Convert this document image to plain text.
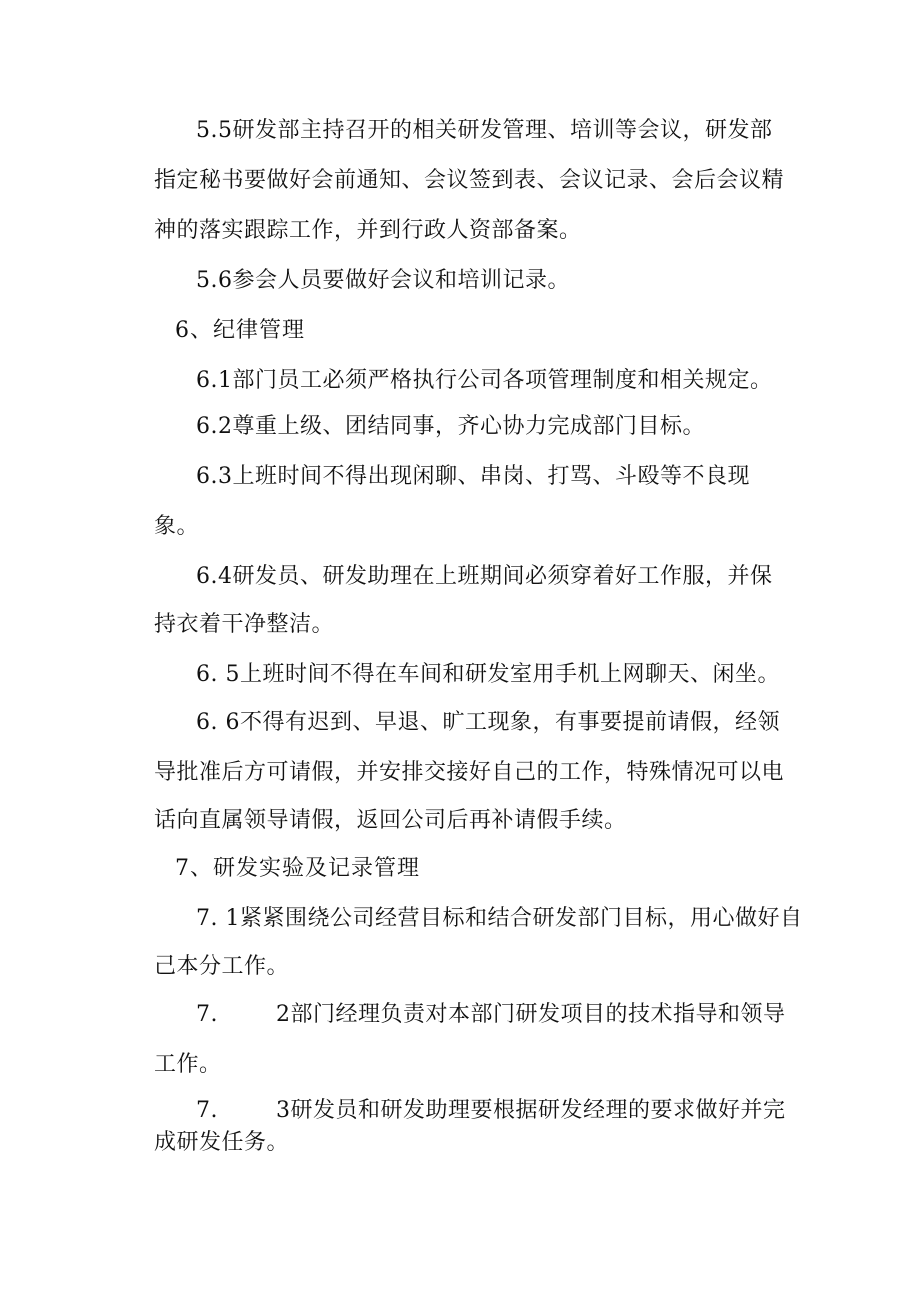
5.5研发部主持召开的相关研发管理、培训等会议，研发部
指定秘书要做好会前通知、会议签到表、会议记录、会后会议精
神的落实跟踪工作，并到行政人资部备案。
5.6参会人员要做好会议和培训记录。
6、纪律管理
6.1部门员工必须严格执行公司各项管理制度和相关规定。
6.2尊重上级、团结同事，齐心协力完成部门目标。
6.3上班时间不得出现闲聊、串岗、打骂、斗殴等不良现
象。
6.4研发员、研发助理在上班期间必须穿着好工作服，并保
持衣着干净整洁。
6. 5上班时间不得在车间和研发室用手机上网聊天、闲坐。
6. 6不得有迟到、早退、旷工现象，有事要提前请假，经领
导批准后方可请假，并安排交接好自己的工作，特殊情况可以电
话向直属领导请假，返回公司后再补请假手续。
7、研发实验及记录管理
7. 1紧紧围绕公司经营目标和结合研发部门目标，用心做好自
己本分工作。
7.	2部门经理负责对本部门研发项目的技术指导和领导
工作。
7.	3研发员和研发助理要根据研发经理的要求做好并完
成研发任务。
